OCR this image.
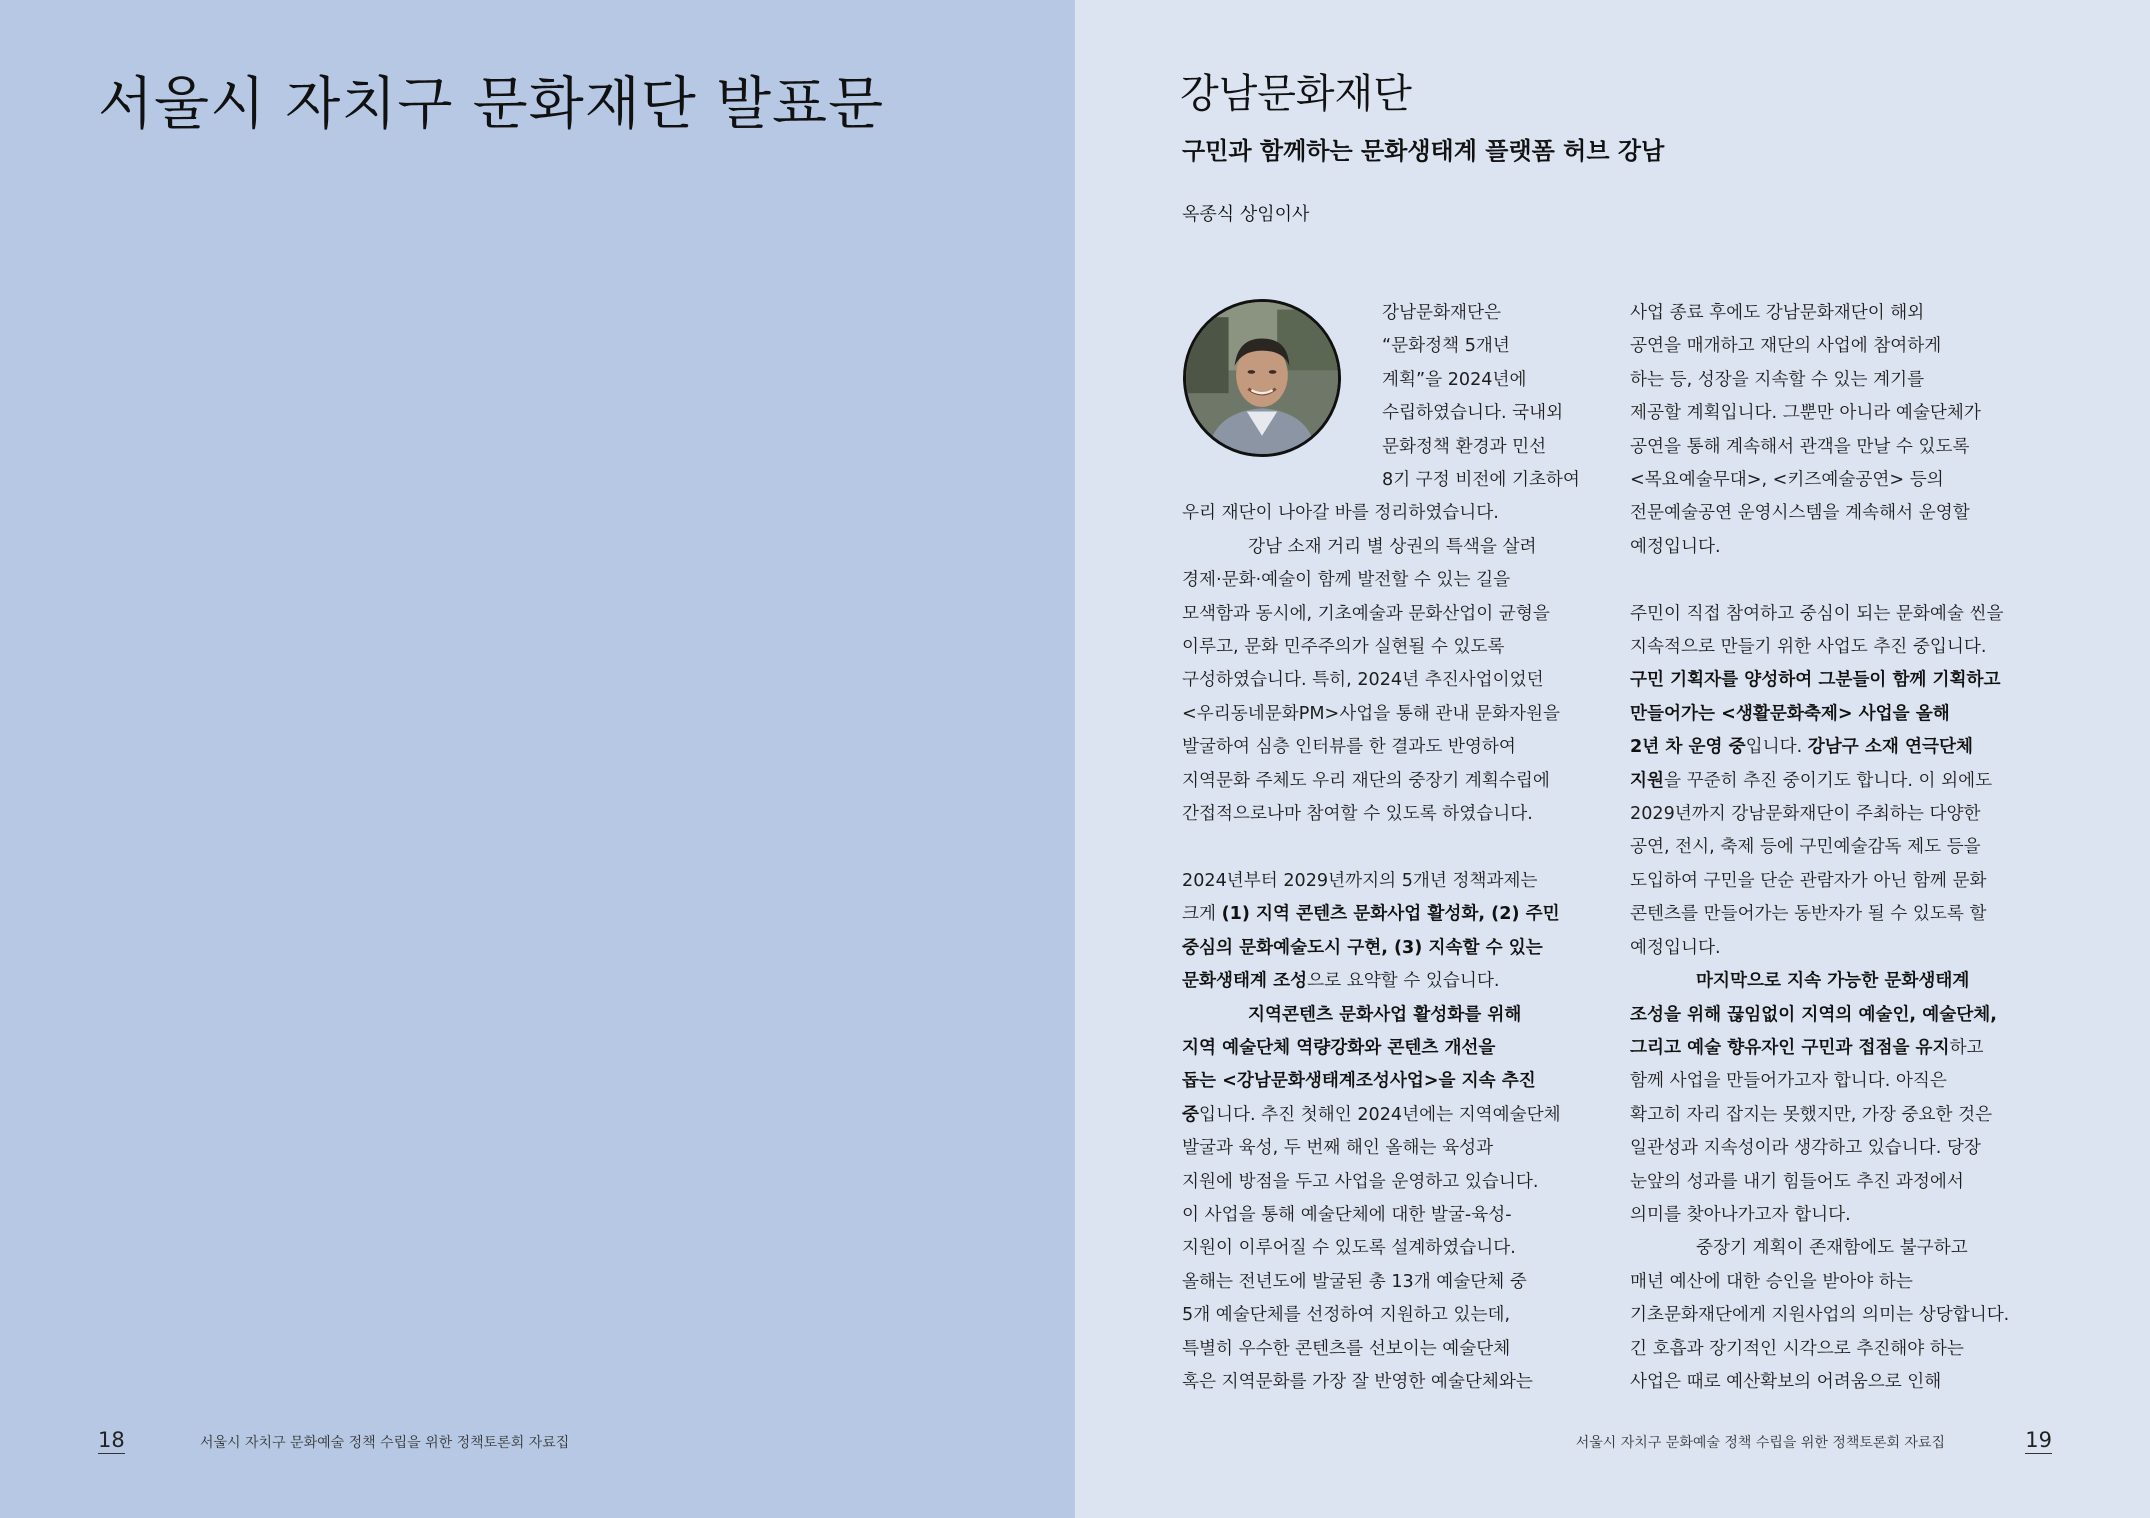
서울시 자치구 문화재단 발표문
18	서울시 자치구 문화예술 정책 수립을 위한 정책토론회 자료집
강남문화재단
구민과 함께하는 문화생태계 플랫폼 허브 강남
옥종식 상임이사
강남문화재단은
“문화정책 5개년
계획”을 2024년에
수립하였습니다. 국내외
문화정책 환경과 민선
8기 구정 비전에 기초하여
우리 재단이 나아갈 바를 정리하였습니다.
강남 소재 거리 별 상권의 특색을 살려
경제·문화·예술이 함께 발전할 수 있는 길을
모색함과 동시에, 기초예술과 문화산업이 균형을
이루고, 문화 민주주의가 실현될 수 있도록
구성하였습니다. 특히, 2024년 추진사업이었던
<우리동네문화PM>사업을 통해 관내 문화자원을
발굴하여 심층 인터뷰를 한 결과도 반영하여
지역문화 주체도 우리 재단의 중장기 계획수립에
간접적으로나마 참여할 수 있도록 하였습니다.
2024년부터 2029년까지의 5개년 정책과제는
크게 (1) 지역 콘텐츠 문화사업 활성화, (2) 주민
중심의 문화예술도시 구현, (3) 지속할 수 있는
문화생태계 조성으로 요약할 수 있습니다.
지역콘텐츠 문화사업 활성화를 위해
지역 예술단체 역량강화와 콘텐츠 개선을
돕는 <강남문화생태계조성사업>을 지속 추진
중입니다. 추진 첫해인 2024년에는 지역예술단체
발굴과 육성, 두 번째 해인 올해는 육성과
지원에 방점을 두고 사업을 운영하고 있습니다.
이 사업을 통해 예술단체에 대한 발굴-육성-
지원이 이루어질 수 있도록 설계하였습니다.
올해는 전년도에 발굴된 총 13개 예술단체 중
5개 예술단체를 선정하여 지원하고 있는데,
특별히 우수한 콘텐츠를 선보이는 예술단체
혹은 지역문화를 가장 잘 반영한 예술단체와는
사업 종료 후에도 강남문화재단이 해외
공연을 매개하고 재단의 사업에 참여하게
하는 등, 성장을 지속할 수 있는 계기를
제공할 계획입니다. 그뿐만 아니라 예술단체가
공연을 통해 계속해서 관객을 만날 수 있도록
<목요예술무대>, <키즈예술공연> 등의
전문예술공연 운영시스템을 계속해서 운영할
예정입니다.
주민이 직접 참여하고 중심이 되는 문화예술 씬을
지속적으로 만들기 위한 사업도 추진 중입니다.
구민 기획자를 양성하여 그분들이 함께 기획하고
만들어가는 <생활문화축제> 사업을 올해
2년 차 운영 중입니다. 강남구 소재 연극단체
지원을 꾸준히 추진 중이기도 합니다. 이 외에도
2029년까지 강남문화재단이 주최하는 다양한
공연, 전시, 축제 등에 구민예술감독 제도 등을
도입하여 구민을 단순 관람자가 아닌 함께 문화
콘텐츠를 만들어가는 동반자가 될 수 있도록 할
예정입니다.
마지막으로 지속 가능한 문화생태계
조성을 위해 끊임없이 지역의 예술인, 예술단체,
그리고 예술 향유자인 구민과 접점을 유지하고
함께 사업을 만들어가고자 합니다. 아직은
확고히 자리 잡지는 못했지만, 가장 중요한 것은
일관성과 지속성이라 생각하고 있습니다. 당장
눈앞의 성과를 내기 힘들어도 추진 과정에서
의미를 찾아나가고자 합니다.
중장기 계획이 존재함에도 불구하고
매년 예산에 대한 승인을 받아야 하는
기초문화재단에게 지원사업의 의미는 상당합니다.
긴 호흡과 장기적인 시각으로 추진해야 하는
사업은 때로 예산확보의 어려움으로 인해
서울시 자치구 문화예술 정책 수립을 위한 정책토론회 자료집	19
